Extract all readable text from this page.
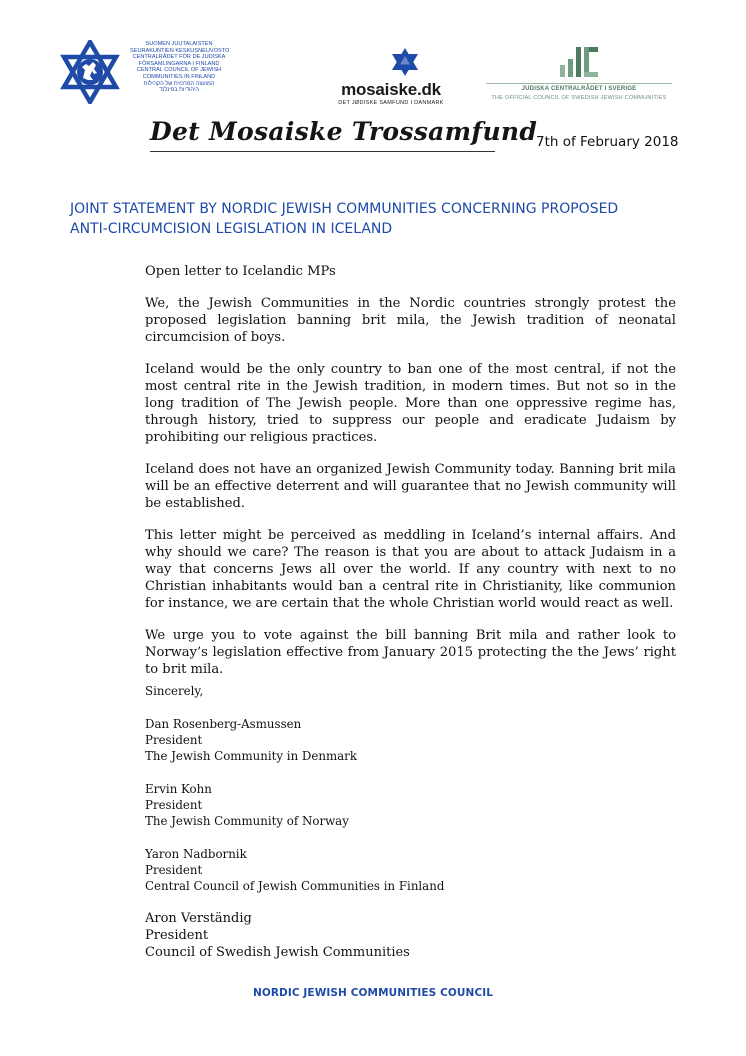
SUOMEN JUUTALAISTEN
SEURAKUNTIEN KESKUSNEUVOSTO
CENTRALRÅDET FÖR DE JUDISKA
FÖRSAMLINGARNA I FINLAND
CENTRAL COUNCIL OF JEWISH
COMMUNITIES IN FINLAND
המועצה המרכזית של הקהילות
היהודיות בפינלנד	mosaiske.dk
DET JØDISKE SAMFUND I DANMARK
JUDISKA CENTRALRÅDET I SVERIGE
THE OFFICIAL COUNCIL OF SWEDISH JEWISH COMMUNITIES
Det Mosaiske Trossamfund
7th of February 2018
JOINT STATEMENT BY NORDIC JEWISH COMMUNITIES CONCERNING PROPOSED
ANTI-CIRCUMCISION LEGISLATION IN ICELAND

Open letter to Icelandic MPs

We, the Jewish Communities in the Nordic countries strongly protest the proposed legislation banning brit mila, the Jewish tradition of neonatal circumcision of boys.

Iceland would be the only country to ban one of the most central, if not the most central rite in the Jewish tradition, in modern times. But not so in the long tradition of The Jewish people. More than one oppressive regime has, through history, tried to suppress our people and eradicate Judaism by prohibiting our religious practices.

Iceland does not have an organized Jewish Community today. Banning brit mila will be an effective deterrent and will guarantee that no Jewish community will be established.

This letter might be perceived as meddling in Iceland’s internal affairs. And why should we care? The reason is that you are about to attack Judaism in a way that concerns Jews all over the world. If any country with next to no Christian inhabitants would ban a central rite in Christianity, like communion for instance, we are certain that the whole Christian world would react as well.

We urge you to vote against the bill banning Brit mila and rather look to Norway’s legislation effective from January 2015 protecting the the Jews’ right to brit mila.

Sincerely,
Dan Rosenberg-Asmussen
President
The Jewish Community in Denmark
Ervin Kohn
President
The Jewish Community of Norway
Yaron Nadbornik
President
Central Council of Jewish Communities in Finland
Aron Verständig
President
Council of Swedish Jewish Communities
NORDIC JEWISH COMMUNITIES COUNCIL
